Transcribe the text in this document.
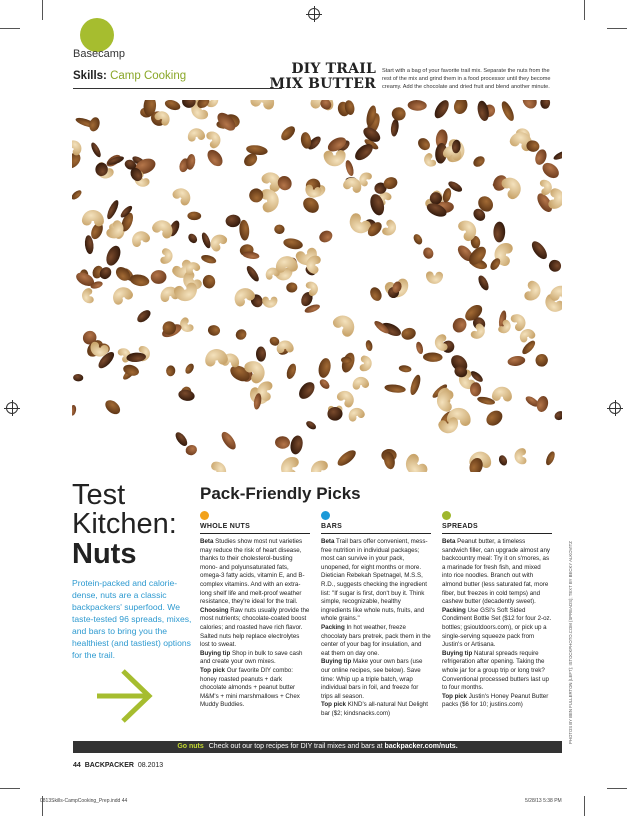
Basecamp
Skills: Camp Cooking	DIY TRAIL MIX BUTTER
Start with a bag of your favorite trail mix. Separate the nuts from the rest of the mix and grind them in a food processor until they become creamy. Add the chocolate and dried fruit and blend another minute.
Test
Kitchen:
Nuts
Protein-packed and calorie-dense, nuts are a classic backpackers' superfood. We taste-tested 96 spreads, mixes, and bars to bring you the healthiest (and tastiest) options for the trail.
Pack-Friendly Picks
WHOLE NUTS

Beta Studies show most nut varieties may reduce the risk of heart disease, thanks to their cholesterol-busting mono- and polyunsaturated fats, omega-3 fatty acids, vitamin E, and B-complex vitamins. And with an extra-long shelf life and melt-proof weather resistance, they're ideal for the trail.

Choosing Raw nuts usually provide the most nutrients; chocolate-coated boost calories; and roasted have rich flavor. Salted nuts help replace electrolytes lost to sweat.

Buying tip Shop in bulk to save cash and create your own mixes.

Top pick Our favorite DIY combo: honey roasted peanuts + dark chocolate almonds + peanut butter M&M's + mini marshmallows + Chex Muddy Buddies.

BARS

Beta Trail bars offer convenient, mess-free nutrition in individual packages; most can survive in your pack, unopened, for eight months or more. Dietician Rebekah Spetnagel, M.S.S, R.D., suggests checking the ingredient list: "If sugar is first, don't buy it. Think simple, recognizable, healthy ingredients like whole nuts, fruits, and whole grains."

Packing In hot weather, freeze chocolaty bars pretrek, pack them in the center of your bag for insulation, and eat them on day one.

Buying tip Make your own bars (use our online recipes, see below). Save time: Whip up a triple batch, wrap individual bars in foil, and freeze for trips all season.

Top pick KIND's all-natural Nut Delight bar ($2; kindsnacks.com)

SPREADS

Beta Peanut butter, a timeless sandwich filler, can upgrade almost any backcountry meal: Try it on s'mores, as a marinade for fresh fish, and mixed into rice noodles. Branch out with almond butter (less saturated fat, more fiber, but freezes in cold temps) and cashew butter (decadently sweet).

Packing Use GSI's Soft Sided Condiment Bottle Set ($12 for four 2-oz. bottles; gsioutdoors.com), or pick up a single-serving squeeze pack from Justin's or Artisana.

Buying tip Natural spreads require refrigeration after opening. Taking the whole jar for a group trip or long trek? Conventional processed butters last up to four months.

Top pick Justin's Honey Peanut Butter packs ($6 for 10; justins.com)	PHOTOS BY BEN FULLERTON (LEFT); ISTOCKPHOTO.COM (SPREADS); TEXT BY BECKY ALKOVITZ
Go nuts Check out our top recipes for DIY trail mixes and bars at backpacker.com/nuts.
44 BACKPACKER 08.2013
0813Skills-CampCooking_Prep.indd 44	5/28/13 5:38 PM
